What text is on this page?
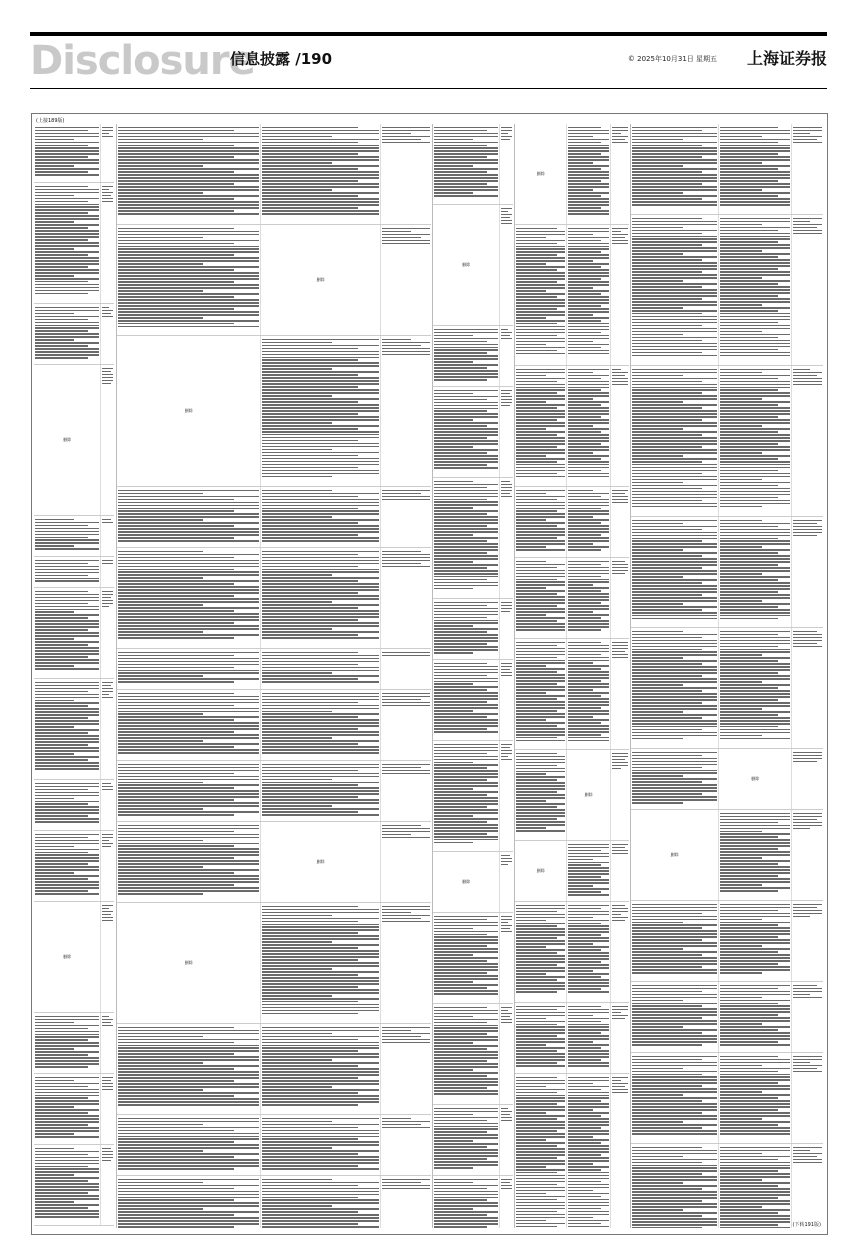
Disclosure
信息披露 /190	© 2025年10月31日 星期五 上海证券报
(上接189版)
(下转191版)
删除
删除
删除
删除
删除
删除
删除
删除
删除
删除
删除
删除
删除
